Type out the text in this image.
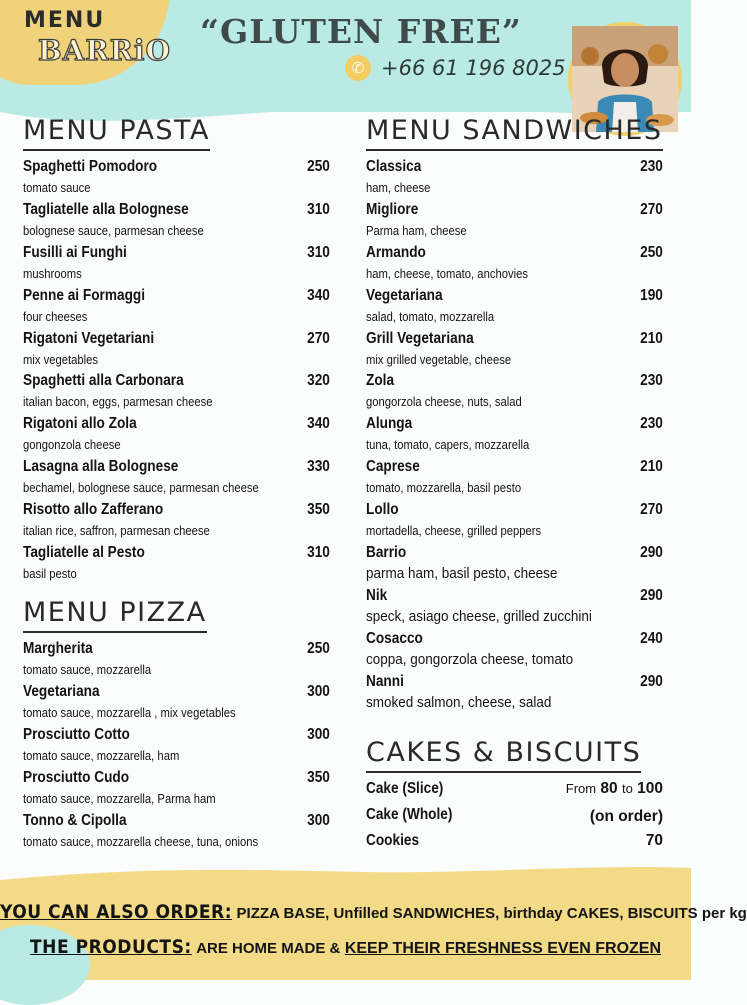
MENU
BARRiO “GLUTEN FREE”
✆ +66 61 196 8025
MENU PASTA
Spaghetti Pomodoro	250
tomato sauce
Tagliatelle alla Bolognese	310
bolognese sauce, parmesan cheese
Fusilli ai Funghi	310
mushrooms
Penne ai Formaggi	340
four cheeses
Rigatoni Vegetariani	270
mix vegetables
Spaghetti alla Carbonara	320
italian bacon, eggs, parmesan cheese
Rigatoni allo Zola	340
gongonzola cheese
Lasagna alla Bolognese	330
bechamel, bolognese sauce, parmesan cheese
Risotto allo Zafferano	350
italian rice, saffron, parmesan cheese
Tagliatelle al Pesto	310
basil pesto
MENU PIZZA
Margherita	250
tomato sauce, mozzarella
Vegetariana	300
tomato sauce, mozzarella , mix vegetables
Prosciutto Cotto	300
tomato sauce, mozzarella, ham
Prosciutto Cudo	350
tomato sauce, mozzarella, Parma ham
Tonno & Cipolla	300
tomato sauce, mozzarella cheese, tuna, onions
MENU SANDWICHES
Classica	230
ham, cheese
Migliore	270
Parma ham, cheese
Armando	250
ham, cheese, tomato, anchovies
Vegetariana	190
salad, tomato, mozzarella
Grill Vegetariana	210
mix grilled vegetable, cheese
Zola	230
gongorzola cheese, nuts, salad
Alunga	230
tuna, tomato, capers, mozzarella
Caprese	210
tomato, mozzarella, basil pesto
Lollo	270
mortadella, cheese, grilled peppers
Barrio	290
parma ham, basil pesto, cheese
Nik	290
speck, asiago cheese, grilled zucchini
Cosacco	240
coppa, gongorzola cheese, tomato
Nanni	290
smoked salmon, cheese, salad
CAKES & BISCUITS
Cake (Slice)	From 80 to 100
Cake (Whole)	(on order)
Cookies	70
YOU CAN ALSO ORDER: PIZZA BASE, Unfilled SANDWICHES, birthday CAKES, BISCUITS per kg
THE PRODUCTS: ARE HOME MADE & KEEP THEIR FRESHNESS EVEN FROZEN
